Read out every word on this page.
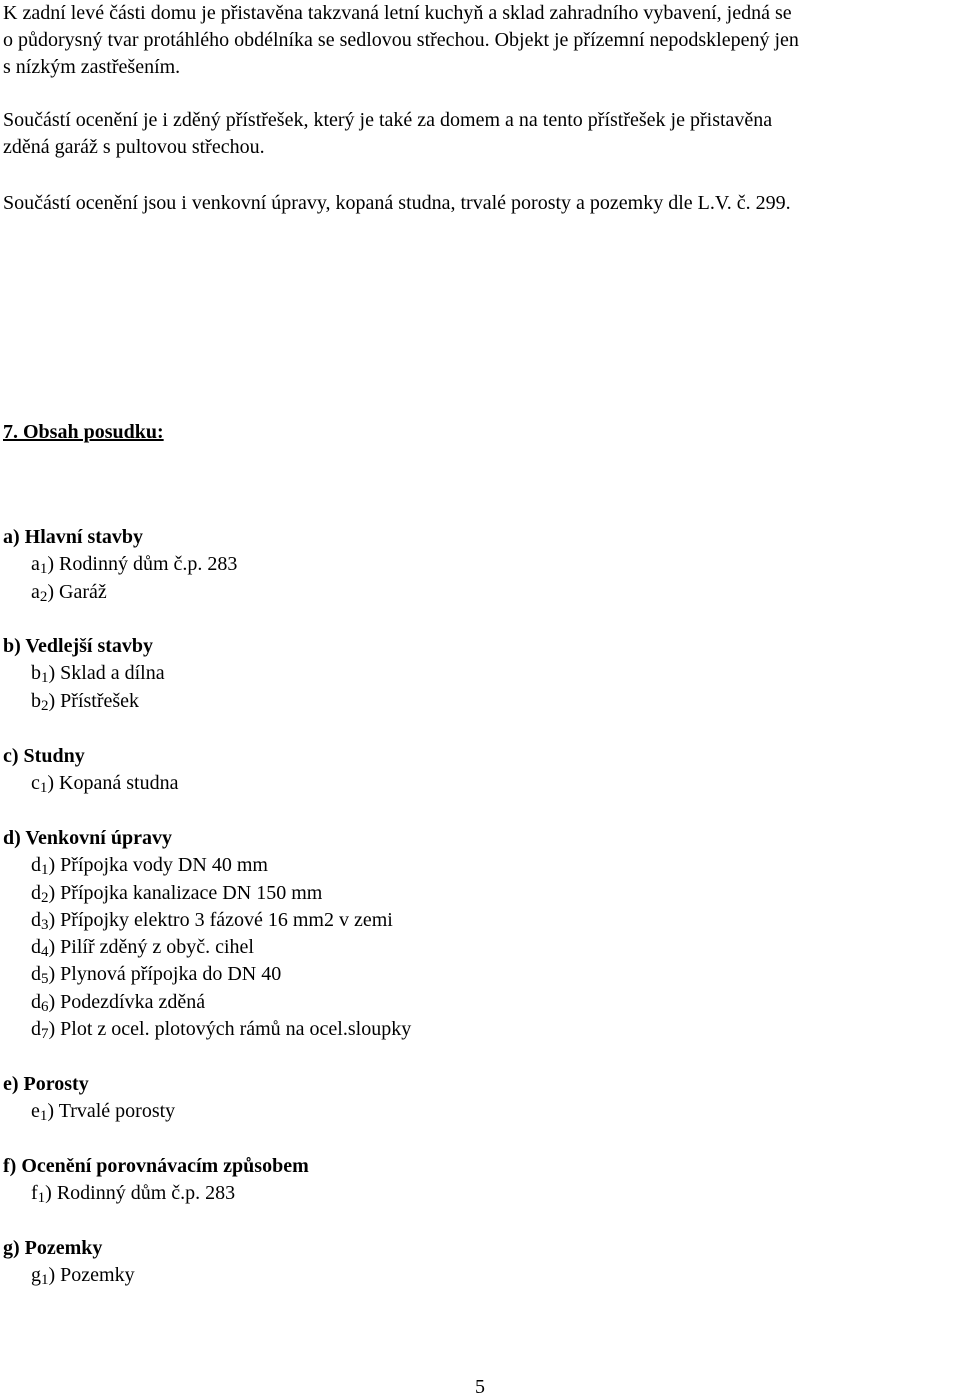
K zadní levé části domu je přistavěna takzvaná letní kuchyň a sklad zahradního vybavení, jedná se
o půdorysný tvar protáhlého obdélníka se sedlovou střechou. Objekt je přízemní nepodsklepený jen
s nízkým zastřešením.

Součástí ocenění je i zděný přístřešek, který je také za domem a na tento přístřešek je přistavěna
zděná garáž s pultovou střechou.

Součástí ocenění jsou i venkovní úpravy, kopaná studna, trvalé porosty a pozemky dle L.V. č. 299.

7. Obsah posudku:
a) Hlavní stavby
a1) Rodinný dům č.p. 283
a2) Garáž
b) Vedlejší stavby
b1) Sklad a dílna
b2) Přístřešek
c) Studny
c1) Kopaná studna
d) Venkovní úpravy
d1) Přípojka vody DN 40 mm
d2) Přípojka kanalizace DN 150 mm
d3) Přípojky elektro 3 fázové 16 mm2 v zemi
d4) Pilíř zděný z obyč. cihel
d5) Plynová přípojka do DN 40
d6) Podezdívka zděná
d7) Plot z ocel. plotových rámů na ocel.sloupky
e) Porosty
e1) Trvalé porosty
f) Ocenění porovnávacím způsobem
f1) Rodinný dům č.p. 283
g) Pozemky
g1) Pozemky
5
